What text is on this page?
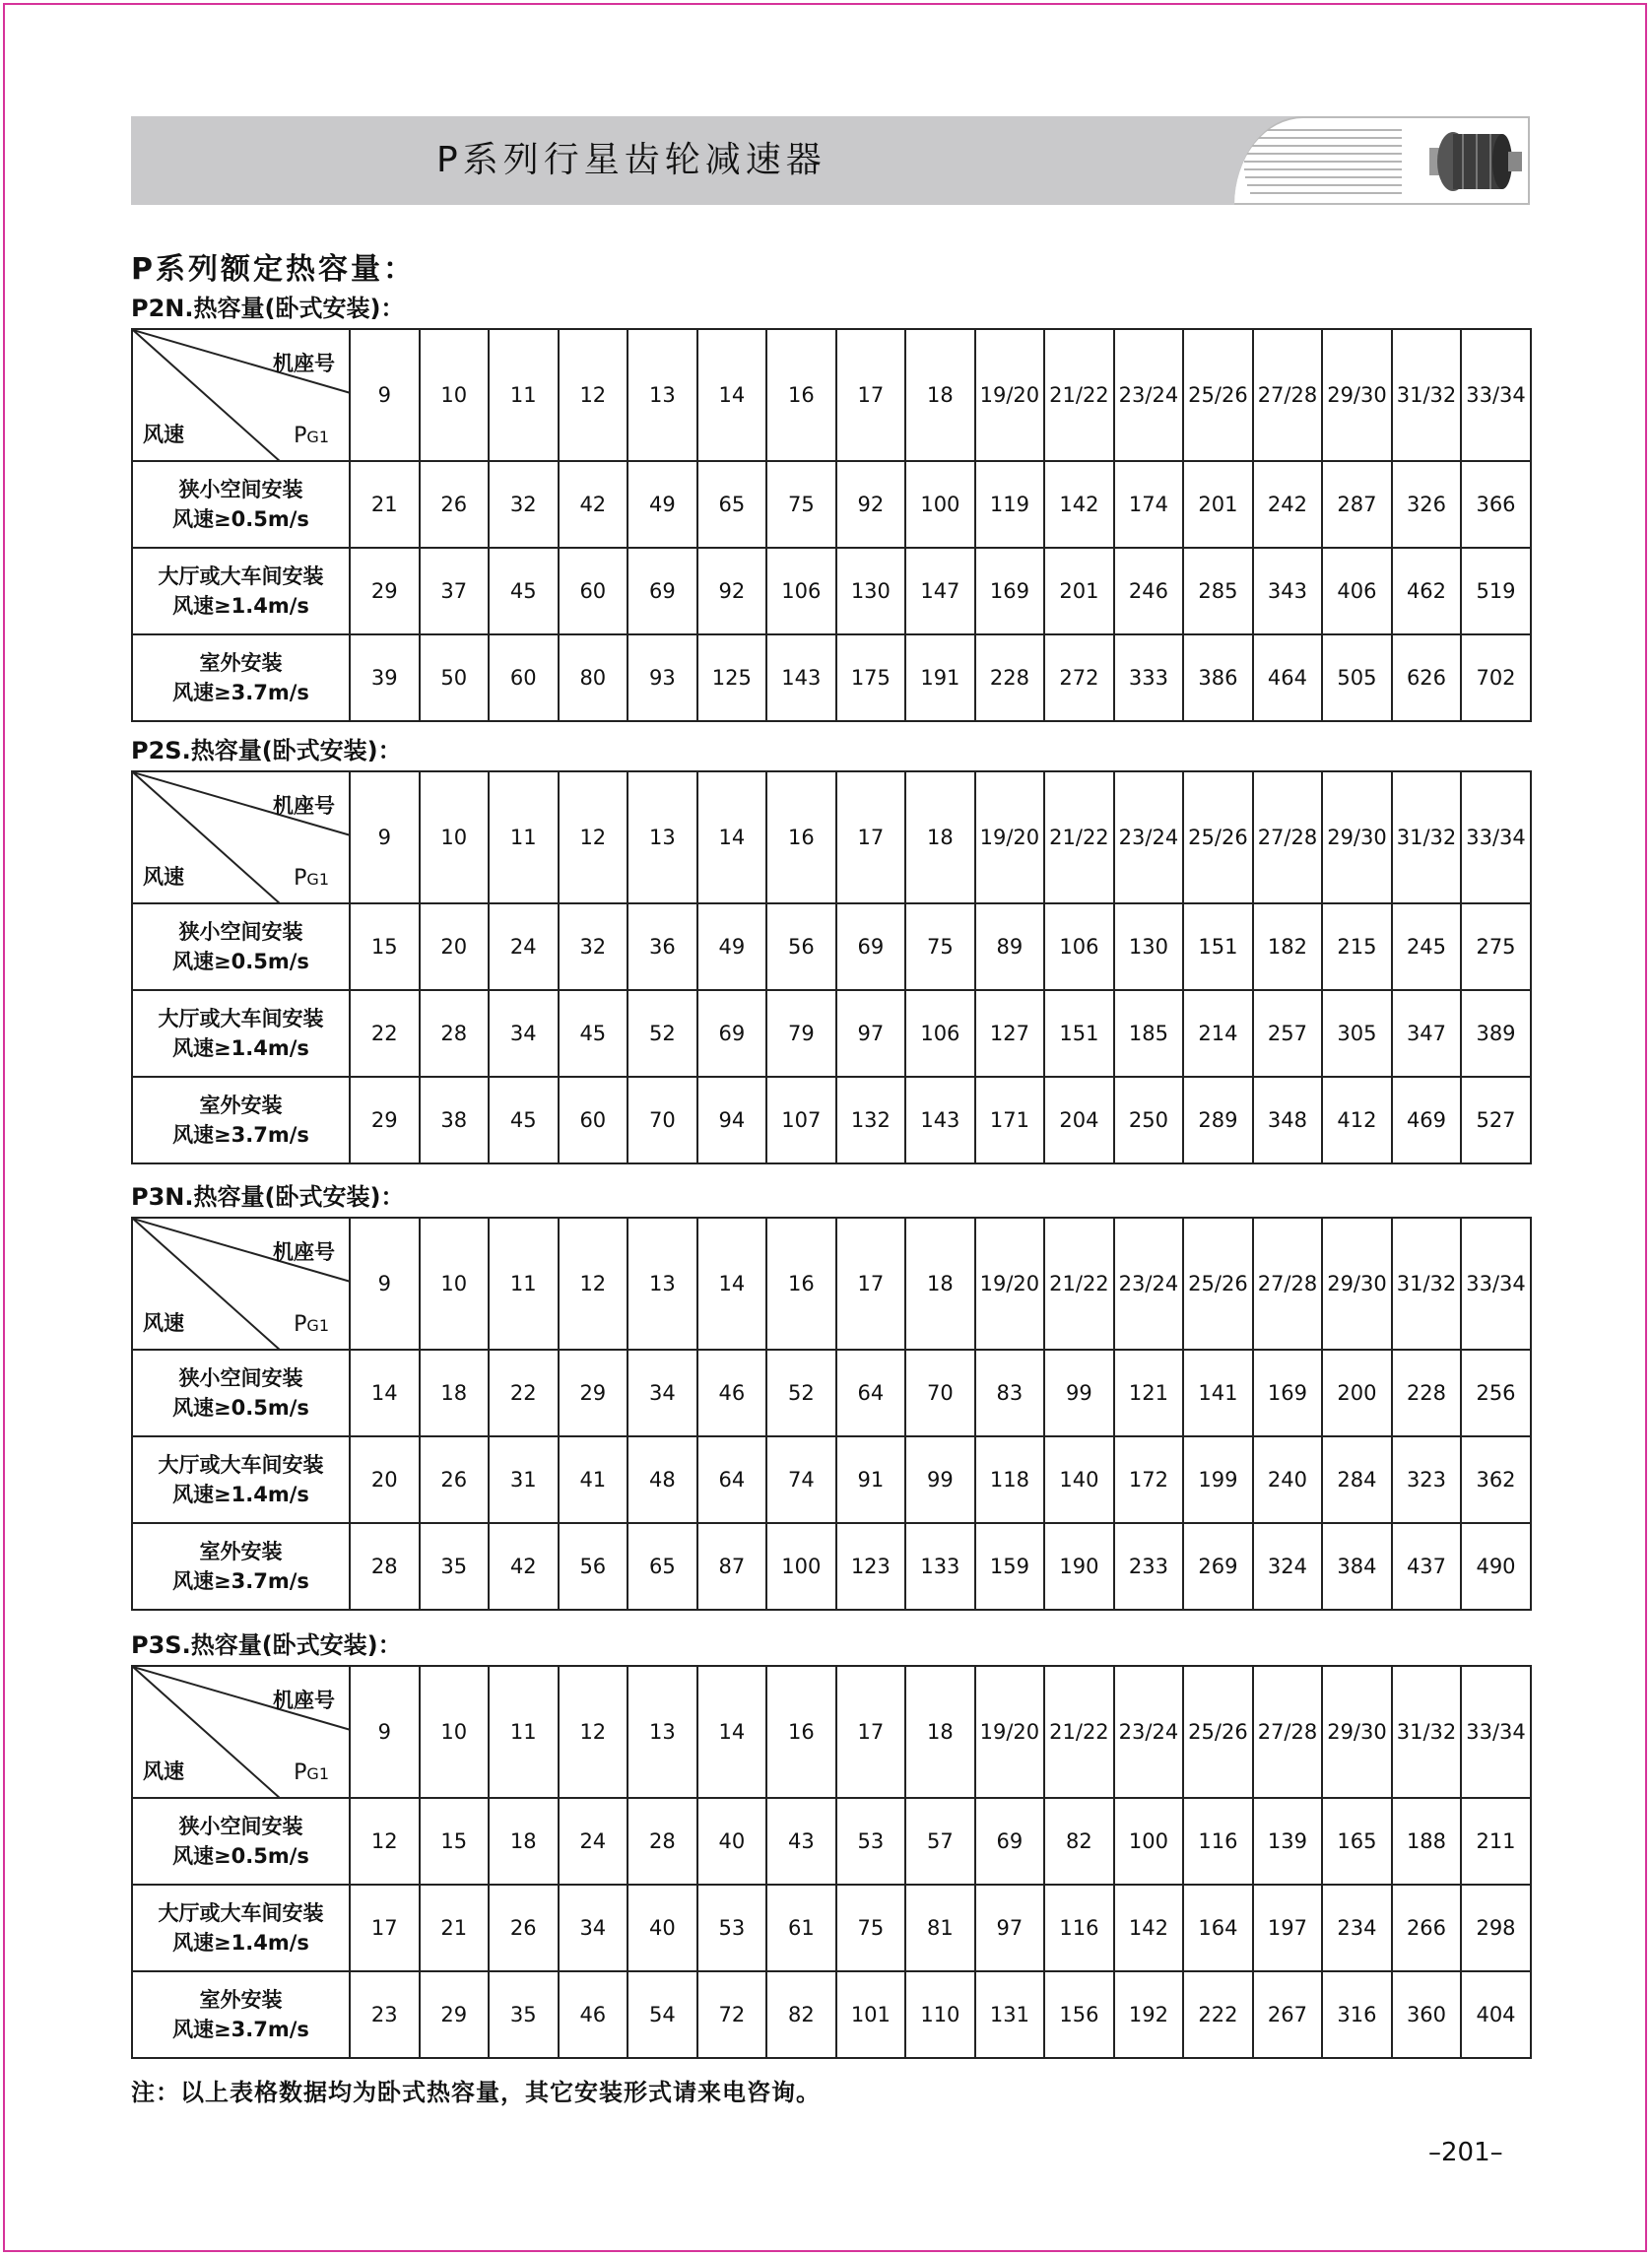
P系列行星齿轮减速器
P系列额定热容量：
P2N.热容量(卧式安装)：
机座号
风速 PG1	9	10	11	12	13	14	16	17	18	19/20	21/22	23/24	25/26	27/28	29/30	31/32	33/34

狭小空间安装
风速≥0.5m/s	21	26	32	42	49	65	75	92	100	119	142	174	201	242	287	326	366

大厅或大车间安装
风速≥1.4m/s	29	37	45	60	69	92	106	130	147	169	201	246	285	343	406	462	519

室外安装
风速≥3.7m/s	39	50	60	80	93	125	143	175	191	228	272	333	386	464	505	626	702
P2S.热容量(卧式安装)：
机座号
风速 PG1	9	10	11	12	13	14	16	17	18	19/20	21/22	23/24	25/26	27/28	29/30	31/32	33/34

狭小空间安装
风速≥0.5m/s	15	20	24	32	36	49	56	69	75	89	106	130	151	182	215	245	275

大厅或大车间安装
风速≥1.4m/s	22	28	34	45	52	69	79	97	106	127	151	185	214	257	305	347	389

室外安装
风速≥3.7m/s	29	38	45	60	70	94	107	132	143	171	204	250	289	348	412	469	527
P3N.热容量(卧式安装)：
机座号
风速 PG1	9	10	11	12	13	14	16	17	18	19/20	21/22	23/24	25/26	27/28	29/30	31/32	33/34

狭小空间安装
风速≥0.5m/s	14	18	22	29	34	46	52	64	70	83	99	121	141	169	200	228	256

大厅或大车间安装
风速≥1.4m/s	20	26	31	41	48	64	74	91	99	118	140	172	199	240	284	323	362

室外安装
风速≥3.7m/s	28	35	42	56	65	87	100	123	133	159	190	233	269	324	384	437	490
P3S.热容量(卧式安装)：
机座号
风速 PG1	9	10	11	12	13	14	16	17	18	19/20	21/22	23/24	25/26	27/28	29/30	31/32	33/34

狭小空间安装
风速≥0.5m/s	12	15	18	24	28	40	43	53	57	69	82	100	116	139	165	188	211

大厅或大车间安装
风速≥1.4m/s	17	21	26	34	40	53	61	75	81	97	116	142	164	197	234	266	298

室外安装
风速≥3.7m/s	23	29	35	46	54	72	82	101	110	131	156	192	222	267	316	360	404
注：以上表格数据均为卧式热容量，其它安装形式请来电咨询。
–201–
